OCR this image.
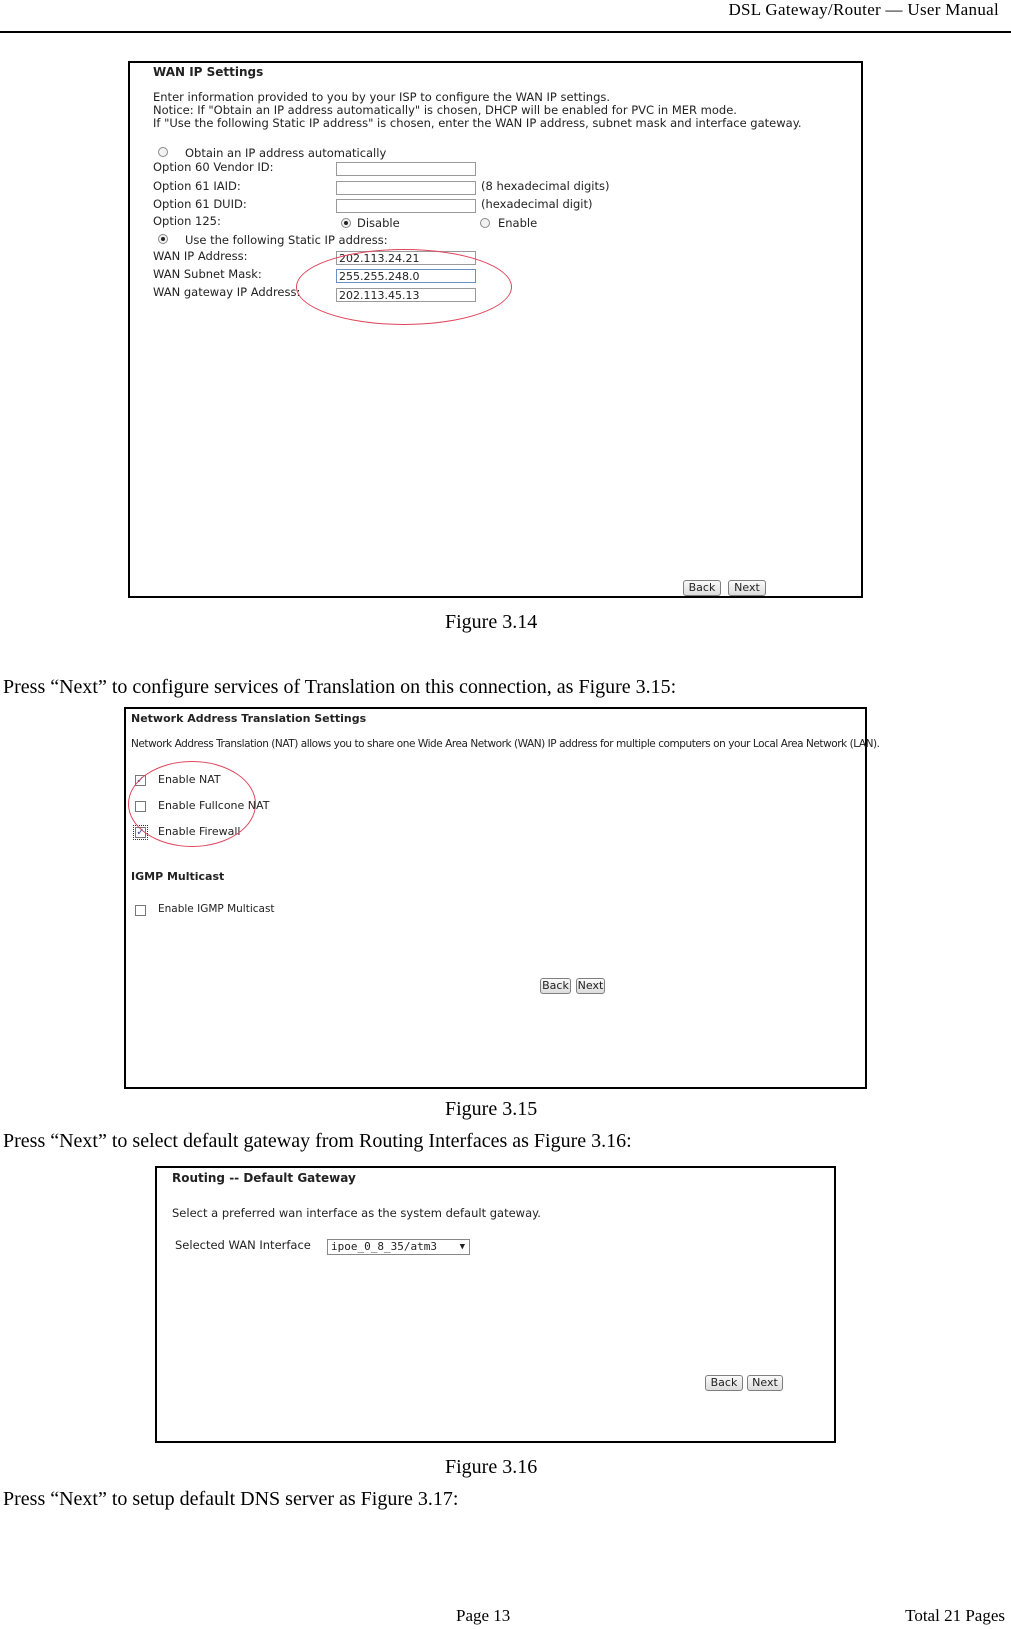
DSL Gateway/Router — User Manual
WAN IP Settings
Enter information provided to you by your ISP to configure the WAN IP settings.
Notice: If "Obtain an IP address automatically" is chosen, DHCP will be enabled for PVC in MER mode.
If "Use the following Static IP address" is chosen, enter the WAN IP address, subnet mask and interface gateway.
Obtain an IP address automatically
Option 60 Vendor ID:
Option 61 IAID:	(8 hexadecimal digits)
Option 61 DUID:	(hexadecimal digit)
Option 125:	Disable	Enable
Use the following Static IP address:
WAN IP Address:	202.113.24.21
WAN Subnet Mask:	255.255.248.0
WAN gateway IP Address:	202.113.45.13
Back	Next
Figure 3.14
Press “Next” to configure services of Translation on this connection, as Figure 3.15:
Network Address Translation Settings
Network Address Translation (NAT) allows you to share one Wide Area Network (WAN) IP address for multiple computers on your Local Area Network (LAN).
✓ Enable NAT
Enable Fullcone NAT
✓ Enable Firewall
IGMP Multicast
Enable IGMP Multicast
Back Next
Figure 3.15
Press “Next” to select default gateway from Routing Interfaces as Figure 3.16:
Routing -- Default Gateway
Select a preferred wan interface as the system default gateway.
Selected WAN Interface	ipoe_0_8_35/atm3	▼
Back	Next
Figure 3.16
Press “Next” to setup default DNS server as Figure 3.17:
Page 13	Total 21 Pages
